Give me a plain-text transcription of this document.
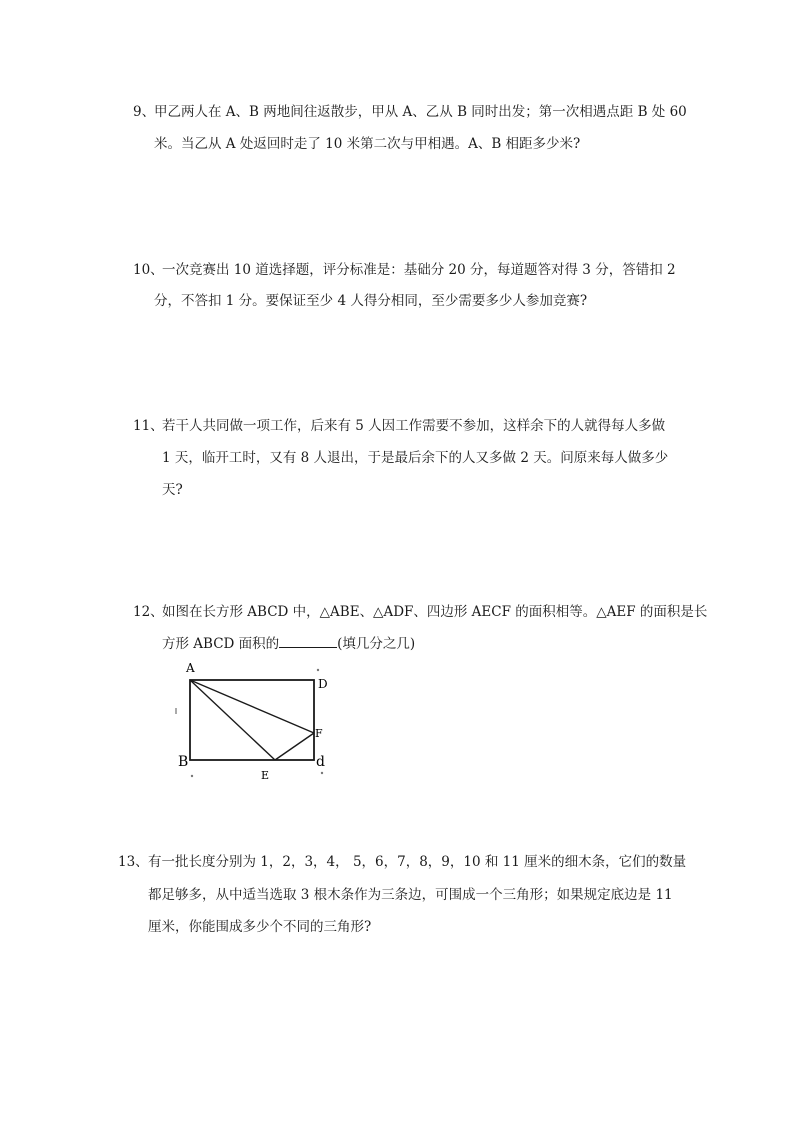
9、
甲乙两人在 A、B 两地间往返散步，甲从 A、乙从 B 同时出发；第一次相遇点距 B 处 60
米。当乙从 A 处返回时走了 10 米第二次与甲相遇。A、B 相距多少米?
10、
一次竞赛出 10 道选择题，评分标准是：基础分 20 分，每道题答对得 3 分，答错扣 2
分，不答扣 1 分。要保证至少 4 人得分相同，至少需要多少人参加竞赛?
11、
若干人共同做一项工作，后来有 5 人因工作需要不参加，这样余下的人就得每人多做
1 天，临开工时，又有 8 人退出，于是最后余下的人又多做 2 天。问原来每人做多少
天?
12、
如图在长方形 ABCD 中，△ABE、△ADF、四边形 AECF 的面积相等。△AEF 的面积是长
方形 ABCD 面积的	(填几分之几)
A
D
F
B	d
E
13、 有一批长度分别为 1，2，3，4， 5，6，7，8，9，10 和 11 厘米的细木条，它们的数量
都足够多，从中适当选取 3 根木条作为三条边，可围成一个三角形；如果规定底边是 11
厘米，你能围成多少个不同的三角形?
